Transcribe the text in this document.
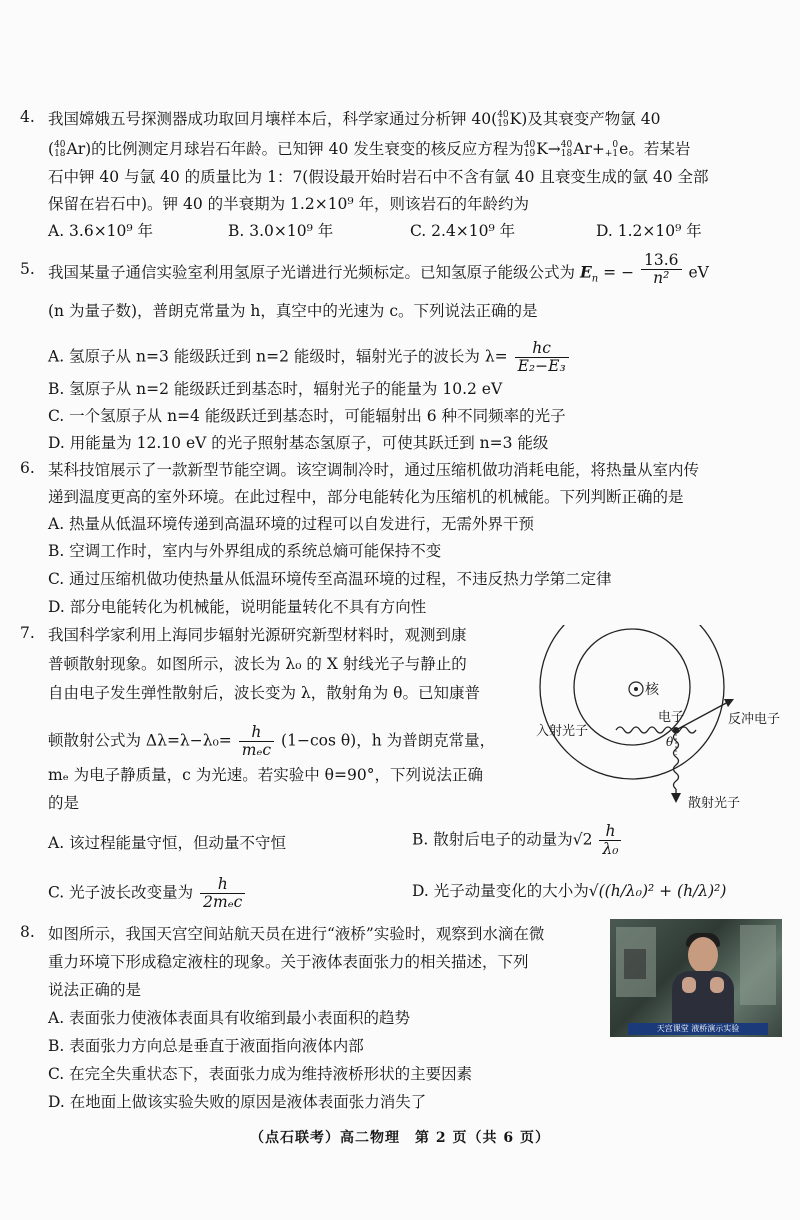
4. 我国嫦娥五号探测器成功取回月壤样本后，科学家通过分析钾 40( 40
19 K)及其衰变产物氩 40
( 40
18 Ar)的比例测定月球岩石年龄。已知钾 40 发生衰变的核反应方程为 40
19 K→ 40
18 Ar+ 0
+1 e。若某岩
石中钾 40 与氩 40 的质量比为 1：7(假设最开始时岩石中不含有氩 40 且衰变生成的氩 40 全部
保留在岩石中)。钾 40 的半衰期为 1.2×10⁹ 年，则该岩石的年龄约为
A. 3.6×10⁹ 年	B. 3.0×10⁹ 年	C. 2.4×10⁹ 年	D. 1.2×10⁹ 年
5. 我国某量子通信实验室利用氢原子光谱进行光频标定。已知氢原子能级公式为 $E_n$ = − $\frac{13.6}{\text{n²}}$ eV
(n 为量子数)，普朗克常量为 h，真空中的光速为 c。下列说法正确的是
A. 氢原子从 n=3 能级跃迁到 n=2 能级时，辐射光子的波长为 $\lambda= \frac{hc}{\text{E₂−E₃}}$
B. 氢原子从 n=2 能级跃迁到基态时，辐射光子的能量为 10.2 eV
C. 一个氢原子从 n=4 能级跃迁到基态时，可能辐射出 6 种不同频率的光子
D. 用能量为 12.10 eV 的光子照射基态氢原子，可使其跃迁到 n=3 能级
6. 某科技馆展示了一款新型节能空调。该空调制冷时，通过压缩机做功消耗电能，将热量从室内传
递到温度更高的室外环境。在此过程中，部分电能转化为压缩机的机械能。下列判断正确的是
A. 热量从低温环境传递到高温环境的过程可以自发进行，无需外界干预
B. 空调工作时，室内与外界组成的系统总熵可能保持不变
C. 通过压缩机做功使热量从低温环境传至高温环境的过程，不违反热力学第二定律
D. 部分电能转化为机械能，说明能量转化不具有方向性
7. 我国科学家利用上海同步辐射光源研究新型材料时，观测到康
普顿散射现象。如图所示，波长为 λ₀ 的 X 射线光子与静止的
自由电子发生弹性散射后，波长变为 λ，散射角为 θ。已知康普
顿散射公式为 $\Delta\lambda=\lambda-\lambda_0= \frac{h}{\text{mₑc}} (1-\cos$ θ)，h 为普朗克常量，
mₑ 为电子静质量，c 为光速。若实验中 θ=90°，下列说法正确
的是
A. 该过程能量守恒，但动量不守恒	B. 散射后电子的动量为$√2 \frac{h}{\text{λ₀}}$
C. 光子波长改变量为 $\frac{h}{\text{2mₑc}}$	D. 光子动量变化的大小为√((h/λ₀)² + (h/λ)²)
核
入射光子
电子	反冲电子
θ
散射光子
8. 如图所示，我国天宫空间站航天员在进行“液桥”实验时，观察到水滴在微
重力环境下形成稳定液柱的现象。关于液体表面张力的相关描述，下列
说法正确的是
A. 表面张力使液体表面具有收缩到最小表面积的趋势
B. 表面张力方向总是垂直于液面指向液体内部
C. 在完全失重状态下，表面张力成为维持液桥形状的主要因素
D. 在地面上做该实验失败的原因是液体表面张力消失了
天宫课堂 液桥演示实验
（点石联考）高二物理　第 2 页（共 6 页）
